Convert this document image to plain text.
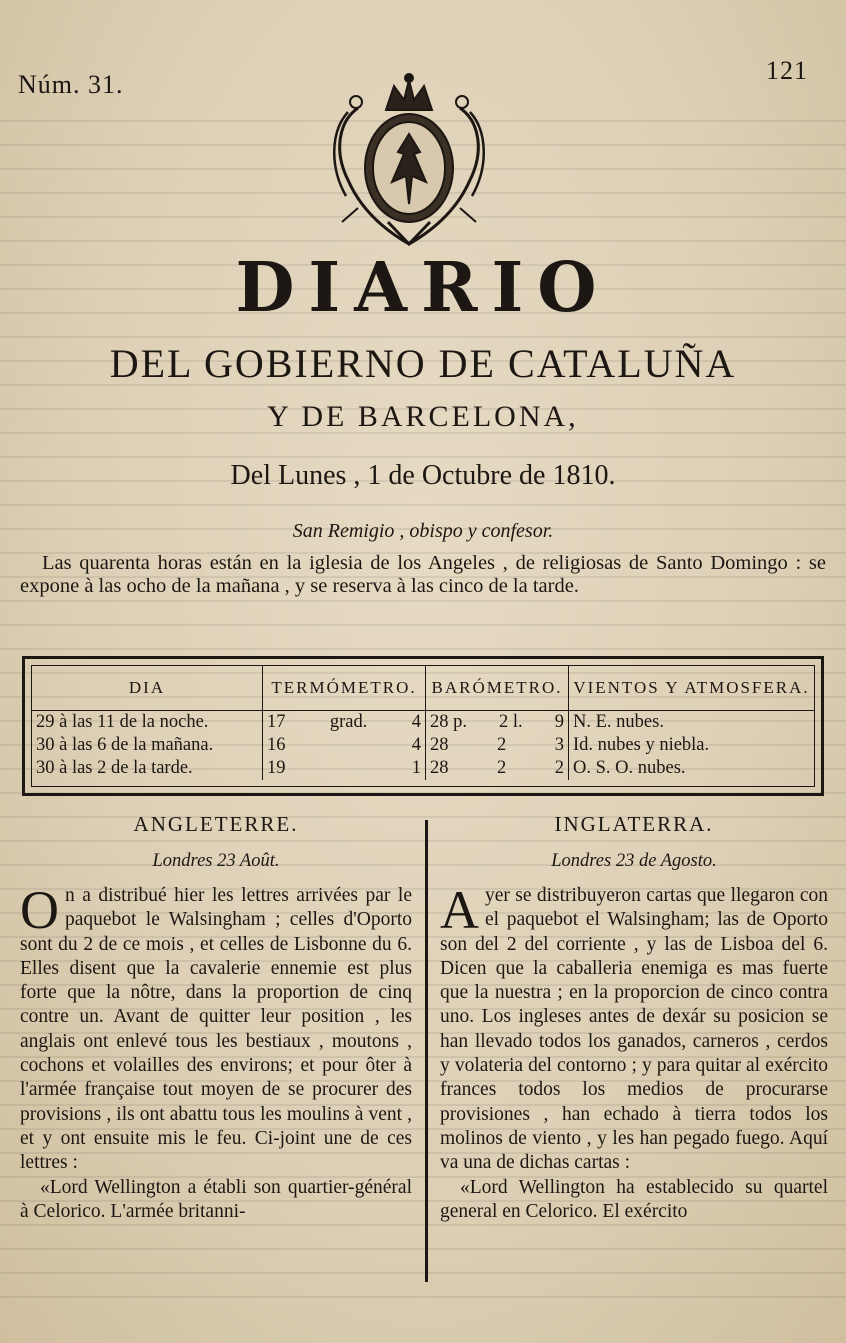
Núm. 31.	121
DIARIO
DEL GOBIERNO DE CATALUÑA
Y DE BARCELONA,
Del Lunes , 1 de Octubre de 1810.
San Remigio , obispo y confesor.
Las quarenta horas están en la iglesia de los Angeles , de religiosas de Santo Domingo : se expone à las ocho de la mañana , y se reserva à las cinco de la tarde.
DIA	TERMÓMETRO.	BARÓMETRO.	VIENTOS Y ATMOSFERA.
29 à las 11 de la noche.	17 grad. 4	28 p. 2 l. 9	N. E. nubes.
30 à las 6 de la mañana.	16 4	28 2 3	Id. nubes y niebla.
30 à las 2 de la tarde.	19 1	28 2 2	O. S. O. nubes.
ANGLETERRE.
Londres 23 Août.

On a distribué hier les lettres arrivées par le paquebot le Walsingham ; celles d'Oporto sont du 2 de ce mois , et celles de Lisbonne du 6. Elles disent que la cavalerie ennemie est plus forte que la nôtre, dans la proportion de cinq contre un. Avant de quitter leur position , les anglais ont enlevé tous les bestiaux , moutons , cochons et volailles des environs; et pour ôter à l'armée française tout moyen de se procurer des provisions , ils ont abattu tous les moulins à vent , et y ont ensuite mis le feu. Ci-joint une de ces lettres :

«Lord Wellington a établi son quartier-général à Celorico. L'armée britanni-

INGLATERRA.
Londres 23 de Agosto.

Ayer se distribuyeron cartas que llegaron con el paquebot el Walsingham; las de Oporto son del 2 del corriente , y las de Lisboa del 6. Dicen que la caballeria enemiga es mas fuerte que la nuestra ; en la proporcion de cinco contra uno. Los ingleses antes de dexár su posicion se han llevado todos los ganados, carneros , cerdos y volateria del contorno ; y para quitar al exército frances todos los medios de procurarse provisiones , han echado à tierra todos los molinos de viento , y les han pegado fuego. Aquí va una de dichas cartas :

«Lord Wellington ha establecido su quartel general en Celorico. El exército
